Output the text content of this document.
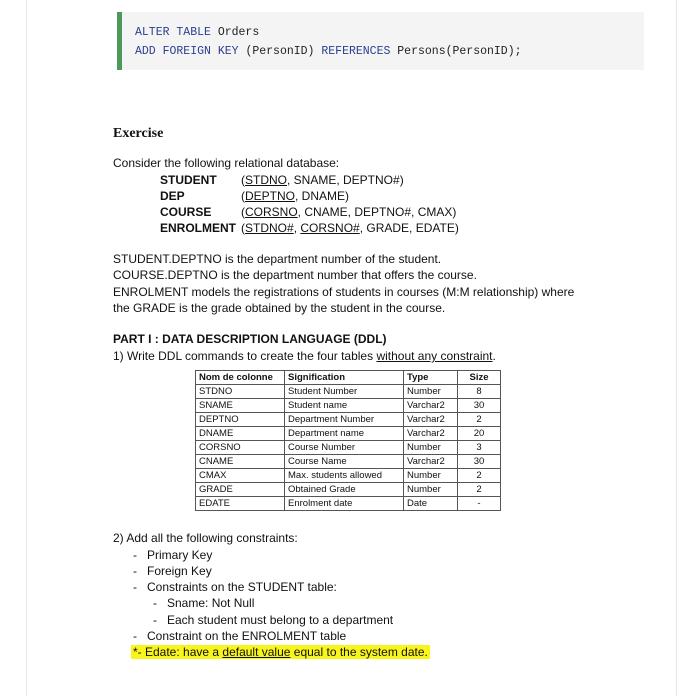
ALTER TABLE Orders
ADD FOREIGN KEY (PersonID) REFERENCES Persons(PersonID);
Exercise
Consider the following relational database:
STUDENT (STDNO, SNAME, DEPTNO#)
DEP	(DEPTNO, DNAME)
COURSE (CORSNO, CNAME, DEPTNO#, CMAX)
ENROLMENT (STDNO#, CORSNO#, GRADE, EDATE)
STUDENT.DEPTNO is the department number of the student.
COURSE.DEPTNO is the department number that offers the course.
ENROLMENT models the registrations of students in courses (M:M relationship) where
the GRADE is the grade obtained by the student in the course.
PART I : DATA DESCRIPTION LANGUAGE (DDL)
1) Write DDL commands to create the four tables without any constraint.
Nom de colonne	Signification	Type	Size
STDNO	Student Number	Number	8
SNAME	Student name	Varchar2	30
DEPTNO	Department Number	Varchar2	2
DNAME	Department name	Varchar2	20
CORSNO	Course Number	Number	3
CNAME	Course Name	Varchar2	30
CMAX	Max. students allowed	Number	2
GRADE	Obtained Grade	Number	2
EDATE	Enrolment date	Date	-
2) Add all the following constraints:
-   Primary Key
-   Foreign Key
-   Constraints on the STUDENT table:
-   Sname: Not Null
-   Each student must belong to a department
-   Constraint on the ENROLMENT table
*- Edate: have a default value equal to the system date.
